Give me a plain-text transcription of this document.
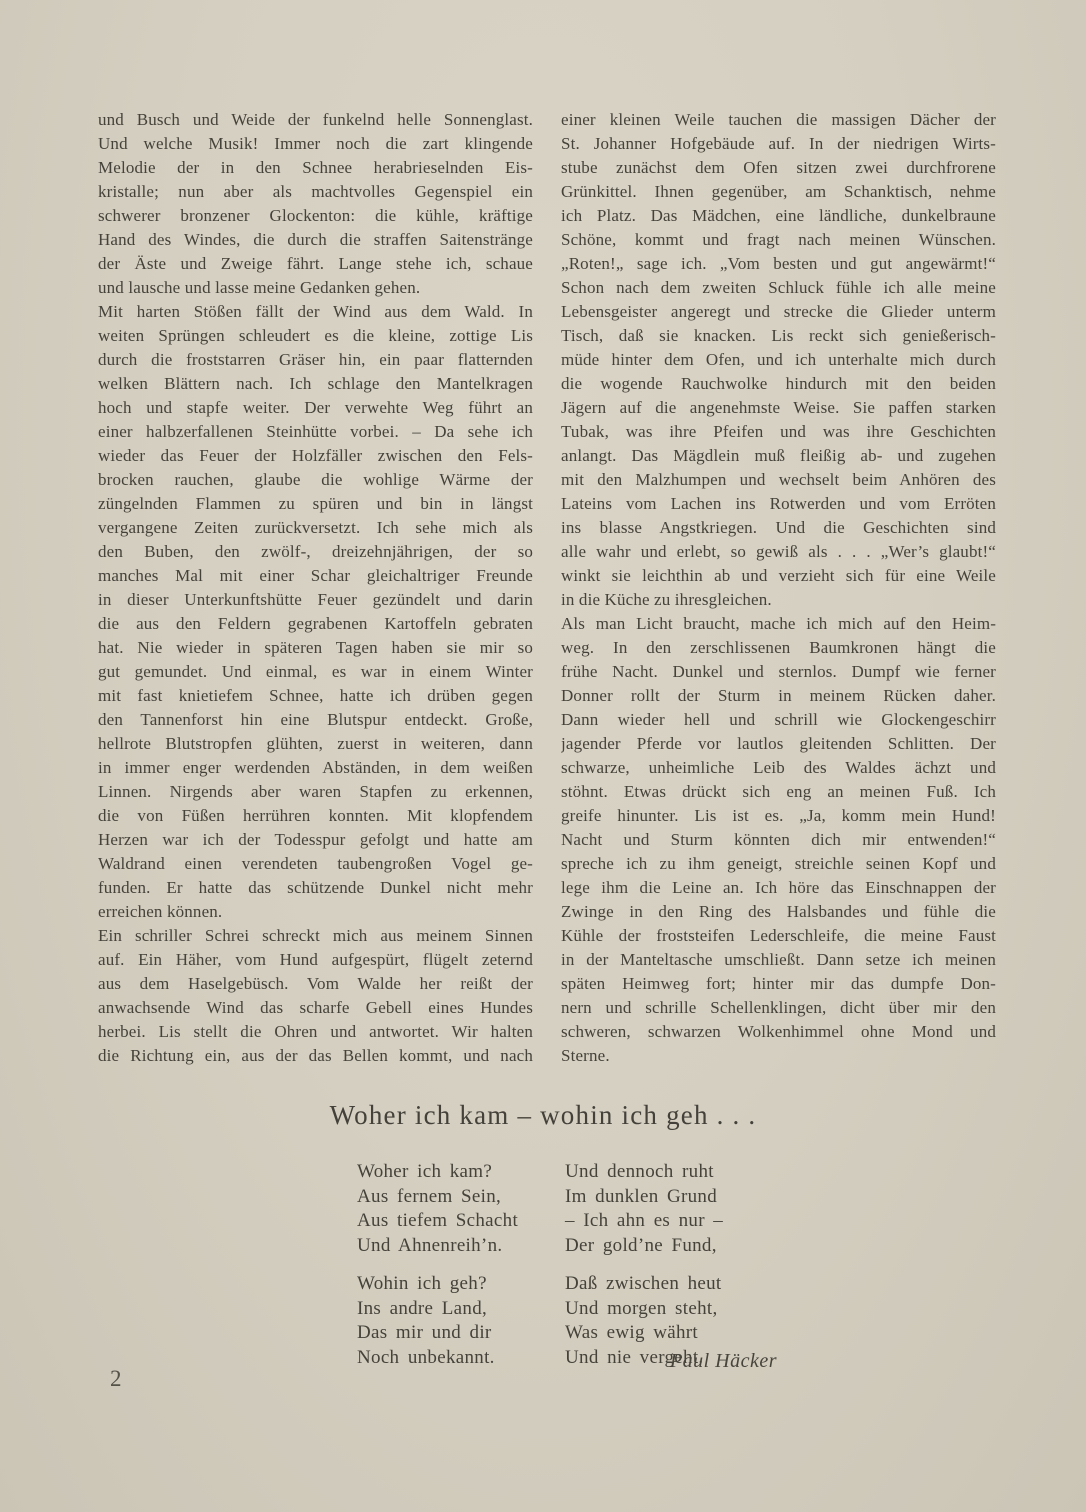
und Busch und Weide der funkelnd helle Sonnenglast.
Und welche Musik! Immer noch die zart klingende
Melodie der in den Schnee herabrieselnden Eis-
kristalle; nun aber als machtvolles Gegenspiel ein
schwerer bronzener Glockenton: die kühle, kräftige
Hand des Windes, die durch die straffen Saitenstränge
der Äste und Zweige fährt. Lange stehe ich, schaue
und lausche und lasse meine Gedanken gehen.
Mit harten Stößen fällt der Wind aus dem Wald. In
weiten Sprüngen schleudert es die kleine, zottige Lis
durch die froststarren Gräser hin, ein paar flatternden
welken Blättern nach. Ich schlage den Mantelkragen
hoch und stapfe weiter. Der verwehte Weg führt an
einer halbzerfallenen Steinhütte vorbei. – Da sehe ich
wieder das Feuer der Holzfäller zwischen den Fels-
brocken rauchen, glaube die wohlige Wärme der
züngelnden Flammen zu spüren und bin in längst
vergangene Zeiten zurückversetzt. Ich sehe mich als
den Buben, den zwölf-, dreizehnjährigen, der so
manches Mal mit einer Schar gleichaltriger Freunde
in dieser Unterkunftshütte Feuer gezündelt und darin
die aus den Feldern gegrabenen Kartoffeln gebraten
hat. Nie wieder in späteren Tagen haben sie mir so
gut gemundet. Und einmal, es war in einem Winter
mit fast knietiefem Schnee, hatte ich drüben gegen
den Tannenforst hin eine Blutspur entdeckt. Große,
hellrote Blutstropfen glühten, zuerst in weiteren, dann
in immer enger werdenden Abständen, in dem weißen
Linnen. Nirgends aber waren Stapfen zu erkennen,
die von Füßen herrühren konnten. Mit klopfendem
Herzen war ich der Todesspur gefolgt und hatte am
Waldrand einen verendeten taubengroßen Vogel ge-
funden. Er hatte das schützende Dunkel nicht mehr
erreichen können.
Ein schriller Schrei schreckt mich aus meinem Sinnen
auf. Ein Häher, vom Hund aufgespürt, flügelt zeternd
aus dem Haselgebüsch. Vom Walde her reißt der
anwachsende Wind das scharfe Gebell eines Hundes
herbei. Lis stellt die Ohren und antwortet. Wir halten
die Richtung ein, aus der das Bellen kommt, und nach
einer kleinen Weile tauchen die massigen Dächer der
St. Johanner Hofgebäude auf. In der niedrigen Wirts-
stube zunächst dem Ofen sitzen zwei durchfrorene
Grünkittel. Ihnen gegenüber, am Schanktisch, nehme
ich Platz. Das Mädchen, eine ländliche, dunkelbraune
Schöne, kommt und fragt nach meinen Wünschen.
„Roten!„ sage ich. „Vom besten und gut angewärmt!“
Schon nach dem zweiten Schluck fühle ich alle meine
Lebensgeister angeregt und strecke die Glieder unterm
Tisch, daß sie knacken. Lis reckt sich genießerisch-
müde hinter dem Ofen, und ich unterhalte mich durch
die wogende Rauchwolke hindurch mit den beiden
Jägern auf die angenehmste Weise. Sie paffen starken
Tubak, was ihre Pfeifen und was ihre Geschichten
anlangt. Das Mägdlein muß fleißig ab- und zugehen
mit den Malzhumpen und wechselt beim Anhören des
Lateins vom Lachen ins Rotwerden und vom Erröten
ins blasse Angstkriegen. Und die Geschichten sind
alle wahr und erlebt, so gewiß als . . . „Wer’s glaubt!“
winkt sie leichthin ab und verzieht sich für eine Weile
in die Küche zu ihresgleichen.
Als man Licht braucht, mache ich mich auf den Heim-
weg. In den zerschlissenen Baumkronen hängt die
frühe Nacht. Dunkel und sternlos. Dumpf wie ferner
Donner rollt der Sturm in meinem Rücken daher.
Dann wieder hell und schrill wie Glockengeschirr
jagender Pferde vor lautlos gleitenden Schlitten. Der
schwarze, unheimliche Leib des Waldes ächzt und
stöhnt. Etwas drückt sich eng an meinen Fuß. Ich
greife hinunter. Lis ist es. „Ja, komm mein Hund!
Nacht und Sturm könnten dich mir entwenden!“
spreche ich zu ihm geneigt, streichle seinen Kopf und
lege ihm die Leine an. Ich höre das Einschnappen der
Zwinge in den Ring des Halsbandes und fühle die
Kühle der froststeifen Lederschleife, die meine Faust
in der Manteltasche umschließt. Dann setze ich meinen
späten Heimweg fort; hinter mir das dumpfe Don-
nern und schrille Schellenklingen, dicht über mir den
schweren, schwarzen Wolkenhimmel ohne Mond und
Sterne.
Woher ich kam – wohin ich geh . . .
Woher ich kam?
Aus fernem Sein,
Aus tiefem Schacht
Und Ahnenreih’n.
Wohin ich geh?
Ins andre Land,
Das mir und dir
Noch unbekannt.
Und dennoch ruht
Im dunklen Grund
– Ich ahn es nur –
Der gold’ne Fund,
Daß zwischen heut
Und morgen steht,
Was ewig währt
Und nie vergeht.
Paul Häcker
2
